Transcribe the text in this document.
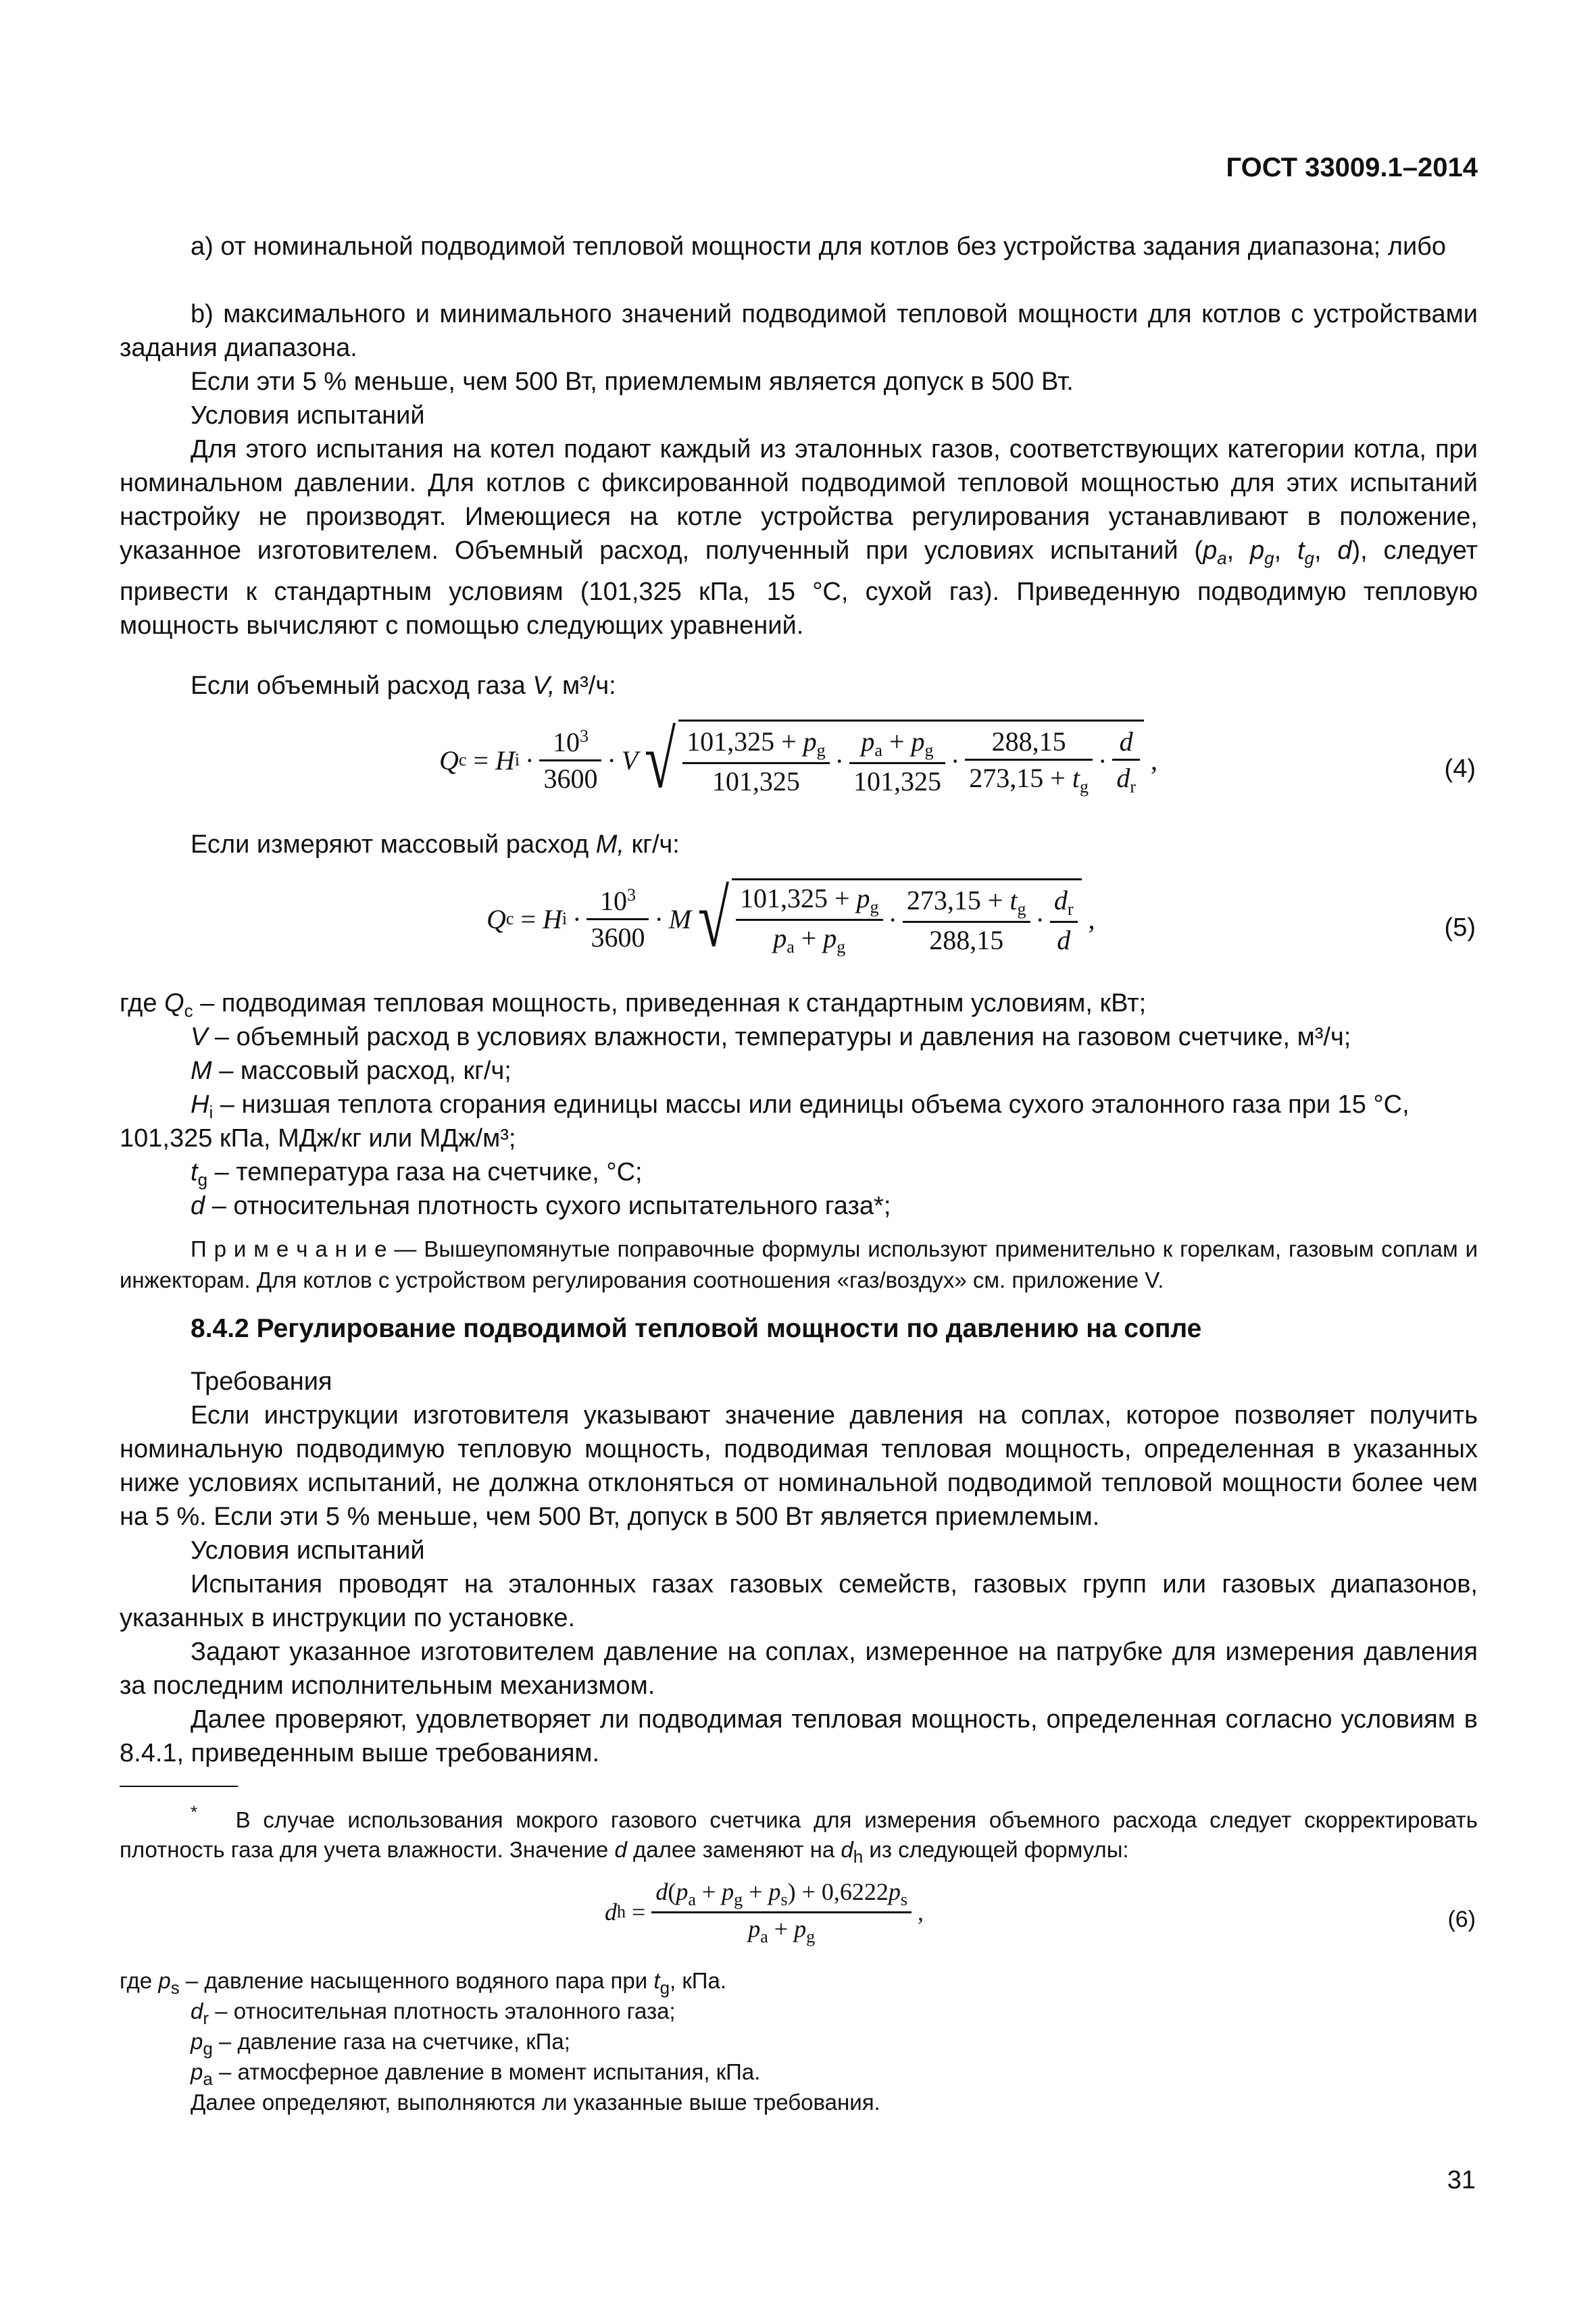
ГОСТ 33009.1–2014
а) от номинальной подводимой тепловой мощности для котлов без устройства задания диапазона; либо
b) максимального и минимального значений подводимой тепловой мощности для котлов с устройствами задания диапазона.
Если эти 5 % меньше, чем 500 Вт, приемлемым является допуск в 500 Вт.
Условия испытаний
Для этого испытания на котел подают каждый из эталонных газов, соответствующих категории котла, при номинальном давлении. Для котлов с фиксированной подводимой тепловой мощностью для этих испытаний настройку не производят. Имеющиеся на котле устройства регулирования устанавливают в положение, указанное изготовителем. Объемный расход, полученный при условиях испытаний ($p_a$, $p_g$, $t_g$, d), следует привести к стандартным условиям (101,325 кПа, 15 °С, сухой газ). Приведенную подводимую тепловую мощность вычисляют с помощью следующих уравнений.
Если объемный расход газа V, м³/ч:
Q c = H $i \cdot \frac{10^3}{3600} \cdot V$ √ $\frac{101,325 + p_g}{101,325} \cdot \frac{p_a + p_g}{101,325} \cdot \frac{288,15}{273,15 + t_g} \cdot \frac{d}{d_r}$ ,	(4)
Если измеряют массовый расход M, кг/ч:
Q c = H $i \cdot \frac{10^3}{3600} \cdot M$ √ $\frac{101,325 + p_g}{p_a + p_g} \cdot \frac{273,15 + t_g}{288,15} \cdot \frac{d_r}{d}$ ,	(5)
где $Q_c$ – подводимая тепловая мощность, приведенная к стандартным условиям, кВт;
V – объемный расход в условиях влажности, температуры и давления на газовом счетчике, м³/ч;
M – массовый расход, кг/ч;
$H_i$ – низшая теплота сгорания единицы массы или единицы объема сухого эталонного газа при 15 °С,
101,325 кПа, МДж/кг или МДж/м³;
$t_g$ – температура газа на счетчике, °С;
d – относительная плотность сухого испытательного газа*;
П р и м е ч а н и е — Вышеупомянутые поправочные формулы используют применительно к горелкам, газовым соплам и инжекторам. Для котлов с устройством регулирования соотношения «газ/воздух» см. приложение V.
8.4.2 Регулирование подводимой тепловой мощности по давлению на сопле
Требования
Если инструкции изготовителя указывают значение давления на соплах, которое позволяет получить номинальную подводимую тепловую мощность, подводимая тепловая мощность, определенная в указанных ниже условиях испытаний, не должна отклоняться от номинальной подводимой тепловой мощности более чем на 5 %. Если эти 5 % меньше, чем 500 Вт, допуск в 500 Вт является приемлемым.
Условия испытаний
Испытания проводят на эталонных газах газовых семейств, газовых групп или газовых диапазонов, указанных в инструкции по установке.
Задают указанное изготовителем давление на соплах, измеренное на патрубке для измерения давления за последним исполнительным механизмом.
Далее проверяют, удовлетворяет ли подводимая тепловая мощность, определенная согласно условиям в 8.4.1, приведенным выше требованиям.
* В случае использования мокрого газового счетчика для измерения объемного расхода следует скорректировать плотность газа для учета влажности. Значение d далее заменяют на $d_h$ из следующей формулы:
d $h = \frac{d(p_a + p_g + p_s) + 0,6222p_s}{p_a + p_g}$ ,	(6)
где $p_s$ – давление насыщенного водяного пара при $t_g$, кПа.
$d_r$ – относительная плотность эталонного газа;
$p_g$ – давление газа на счетчике, кПа;
$p_a$ – атмосферное давление в момент испытания, кПа.
Далее определяют, выполняются ли указанные выше требования.
31
